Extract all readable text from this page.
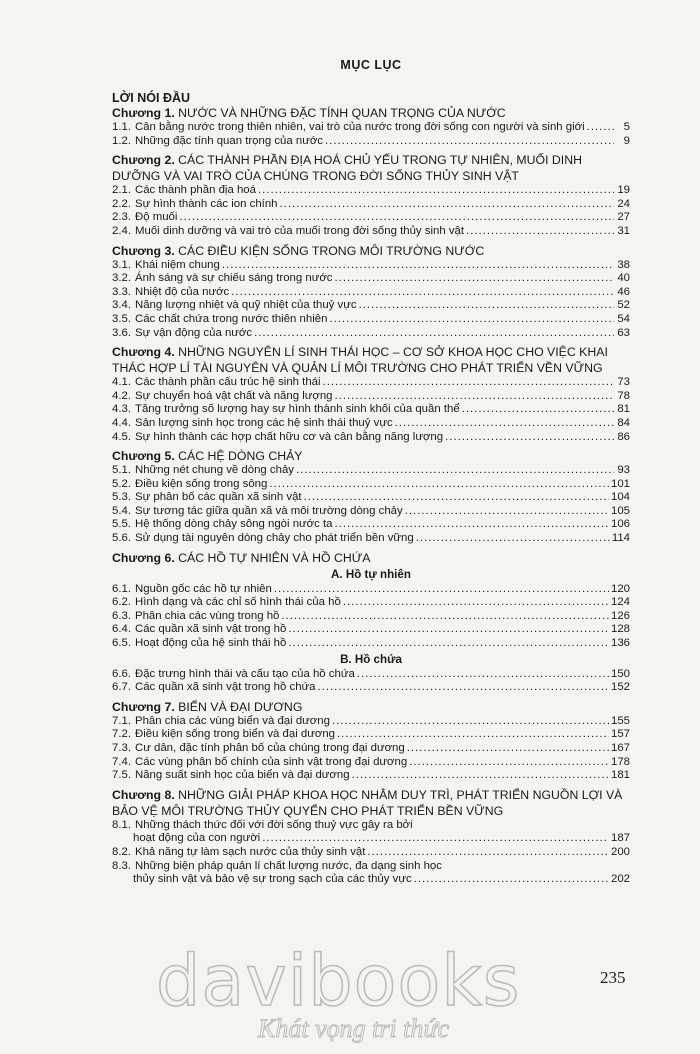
MỤC LỤC
LỜI NÓI ĐẦU
Chương 1. NƯỚC VÀ NHỮNG ĐẶC TÍNH QUAN TRỌNG CỦA NƯỚC
1.1. Cân bằng nước trong thiên nhiên, vai trò của nước trong đời sống con người và sinh giới .....	5
1.2. Những đặc tính quan trọng của nước .....	9
Chương 2. CÁC THÀNH PHẦN ĐỊA HOÁ CHỦ YẾU TRONG TỰ NHIÊN, MUỐI DINH DƯỠNG VÀ VAI TRÒ CỦA CHÚNG TRONG ĐỜI SỐNG THỦY SINH VẬT
2.1. Các thành phần địa hoá .....	19
2.2. Sự hình thành các ion chính .....	24
2.3. Độ muối .....	27
2.4. Muối dinh dưỡng và vai trò của muối trong đời sống thủy sinh vật .....	31
Chương 3. CÁC ĐIỀU KIỆN SỐNG TRONG MÔI TRƯỜNG NƯỚC
3.1. Khái niệm chung .....	38
3.2. Ánh sáng và sự chiếu sáng trong nước .....	40
3.3. Nhiệt độ của nước .....	46
3.4. Năng lượng nhiệt và quỹ nhiệt của thuỷ vực .....	52
3.5. Các chất chứa trong nước thiên nhiên .....	54
3.6. Sự vận động của nước .....	63
Chương 4. NHỮNG NGUYÊN LÍ SINH THÁI HỌC – CƠ SỞ KHOA HỌC CHO VIỆC KHAI THÁC HỢP LÍ TÀI NGUYÊN VÀ QUẢN LÍ MÔI TRƯỜNG CHO PHÁT TRIỂN VỀN VỮNG
4.1. Các thành phần cấu trúc hệ sinh thái .....	73
4.2. Sự chuyển hoá vật chất và năng lượng .....	78
4.3. Tăng trưởng số lượng hay sự hình thành sinh khối của quần thể .....	81
4.4. Sản lượng sinh học trong các hệ sinh thái thuỷ vực .....	84
4.5. Sự hình thành các hợp chất hữu cơ và cân bằng năng lượng .....	86
Chương 5. CÁC HỆ DÒNG CHẢY
5.1. Những nét chung về dòng chảy .....	93
5.2. Điều kiện sống trong sông .....	101
5.3. Sự phân bố các quần xã sinh vật .....	104
5.4. Sự tương tác giữa quần xã và môi trường dòng chảy .....	105
5.5. Hệ thống dòng chảy sông ngòi nước ta .....	106
5.6. Sử dụng tài nguyên dòng chảy cho phát triển bền vững .....	114
Chương 6. CÁC HỒ TỰ NHIÊN VÀ HỒ CHỨA
A. Hồ tự nhiên
6.1. Nguồn gốc các hồ tự nhiên .....	120
6.2. Hình dạng và các chỉ số hình thái của hồ .....	124
6.3. Phân chia các vùng trong hồ .....	126
6.4. Các quần xã sinh vật trong hồ .....	128
6.5. Hoạt động của hệ sinh thái hồ .....	136
B. Hồ chứa
6.6. Đặc trưng hình thái và cấu tạo của hồ chứa .....	150
6.7. Các quần xã sinh vật trong hồ chứa .....	152
Chương 7. BIỂN VÀ ĐẠI DƯƠNG
7.1. Phân chia các vùng biển và đại dương .....	155
7.2. Điều kiện sống trong biển và đại dương .....	157
7.3. Cư dân, đặc tính phân bố của chúng trong đại dương .....	167
7.4. Các vùng phân bố chính của sinh vật trong đại dương .....	178
7.5. Năng suất sinh học của biển và đại dương .....	181
Chương 8. NHỮNG GIẢI PHÁP KHOA HỌC NHẰM DUY TRÌ, PHÁT TRIỂN NGUỒN LỢI VÀ BẢO VỆ MÔI TRƯỜNG THỦY QUYỂN CHO PHÁT TRIỂN BỀN VỮNG
8.1. Những thách thức đối với đời sống thuỷ vực gây ra bởi
hoạt động của con người .....	187
8.2. Khả năng tự làm sạch nước của thủy sinh vật .....	200
8.3. Những biện pháp quản lí chất lượng nước, đa dạng sinh học
thủy sinh vật và bảo vệ sự trong sạch của các thủy vực .....	202
235
davibooks
Khát vọng tri thức
